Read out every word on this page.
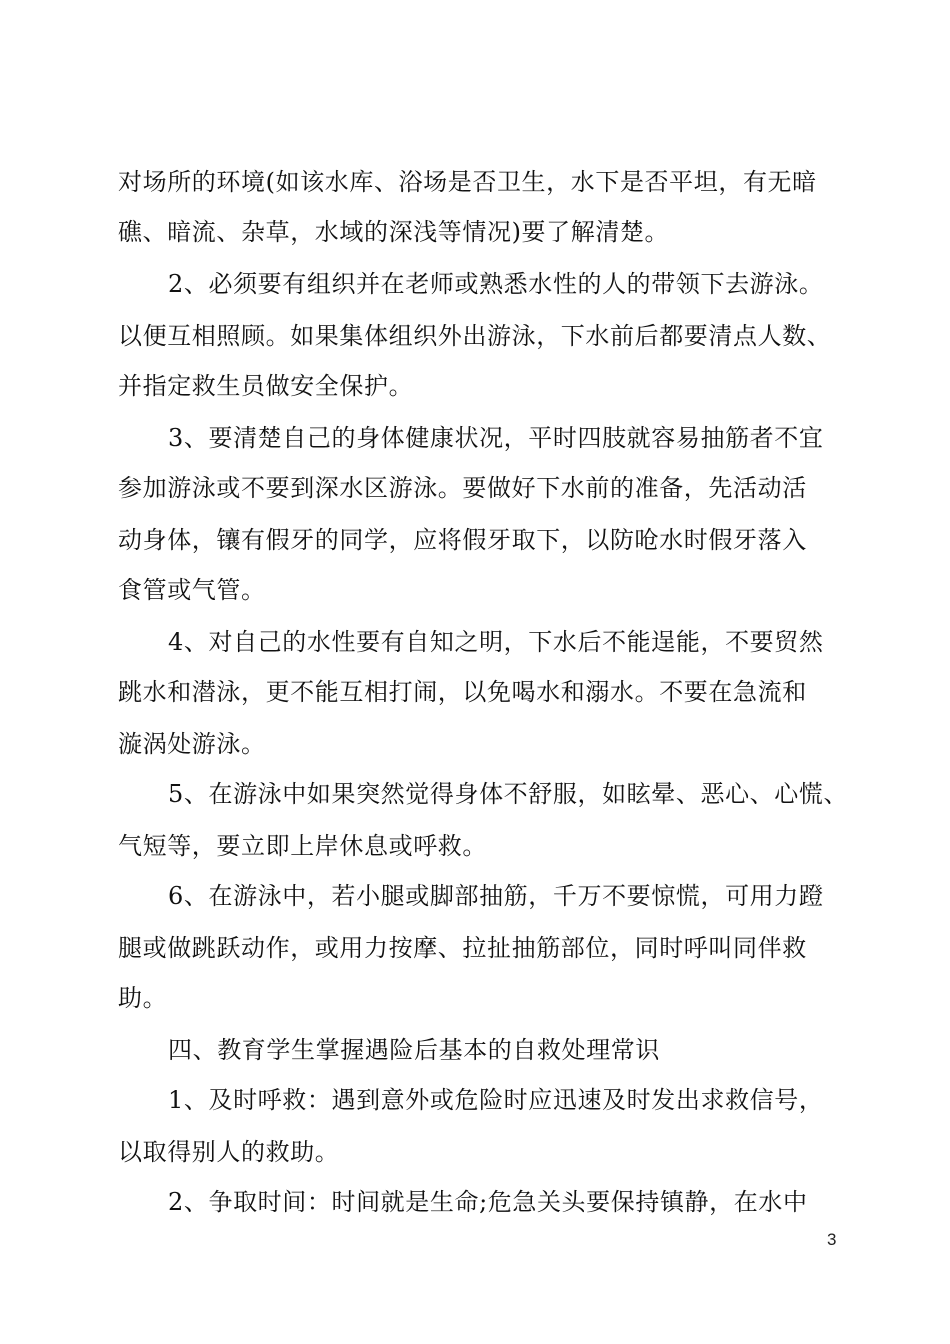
对场所的环境(如该水库、浴场是否卫生，水下是否平坦，有无暗
礁、暗流、杂草，水域的深浅等情况)要了解清楚。
2、必须要有组织并在老师或熟悉水性的人的带领下去游泳。
以便互相照顾。如果集体组织外出游泳，下水前后都要清点人数、
并指定救生员做安全保护。
3、要清楚自己的身体健康状况，平时四肢就容易抽筋者不宜
参加游泳或不要到深水区游泳。要做好下水前的准备，先活动活
动身体，镶有假牙的同学，应将假牙取下，以防呛水时假牙落入
食管或气管。
4、对自己的水性要有自知之明，下水后不能逞能，不要贸然
跳水和潜泳，更不能互相打闹，以免喝水和溺水。不要在急流和
漩涡处游泳。
5、在游泳中如果突然觉得身体不舒服，如眩晕、恶心、心慌、
气短等，要立即上岸休息或呼救。
6、在游泳中，若小腿或脚部抽筋，千万不要惊慌，可用力蹬
腿或做跳跃动作，或用力按摩、拉扯抽筋部位，同时呼叫同伴救
助。
四、教育学生掌握遇险后基本的自救处理常识
1、及时呼救：遇到意外或危险时应迅速及时发出求救信号，
以取得别人的救助。
2、争取时间：时间就是生命;危急关头要保持镇静，在水中
3
